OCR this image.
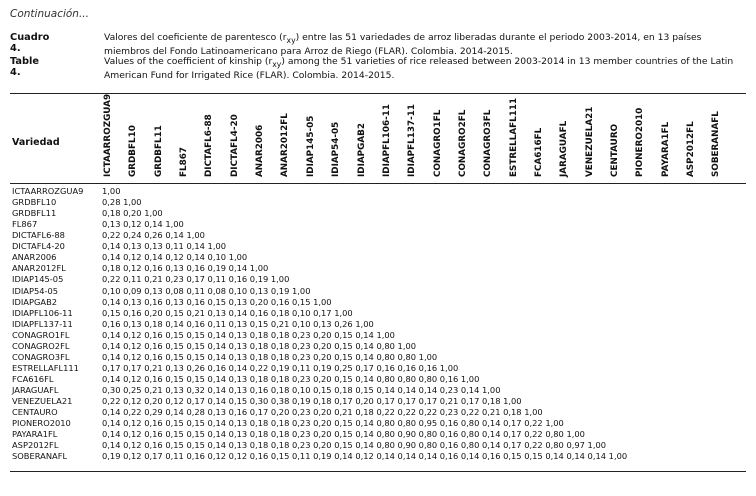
Continuación...
Cuadro 4.
Valores del coeficiente de parentesco $(r_{xy})$ entre las 51 variedades de arroz liberadas durante el periodo 2003-2014, en 13 países miembros del Fondo Latinoamericano para Arroz de Riego (FLAR). Colombia. 2014-2015.
Table 4.
Values of the coefficient of kinship $(r_{xy})$ among the 51 varieties of rice released between 2003-2014 in 13 member countries of the Latin American Fund for Irrigated Rice (FLAR). Colombia. 2014-2015.
Variedad	ICTAARROZGUA9 GRDBFL10 GRDBFL11 FL867 DICTAFL6-88 DICTAFL4-20 ANAR2006 ANAR2012FL IDIAP145-05 IDIAP54-05 IDIAPGAB2 IDIAPFL106-11 IDIAPFL137-11 CONAGRO1FL CONAGRO2FL CONAGRO3FL ESTRELLAFL111 FCA616FL JARAGUAFL VENEZUELA21 CENTAURO PIONERO2010 PAYARA1FL ASP2012FL SOBERANAFL
ICTAARROZGUA9 1,00
GRDBFL10	0,28 1,00
GRDBFL11	0,18 0,20 1,00
FL867	0,13 0,12 0,14 1,00
DICTAFL6-88	0,22 0,24 0,26 0,14 1,00
DICTAFL4-20	0,14 0,13 0,13 0,11 0,14 1,00
ANAR2006	0,14 0,12 0,14 0,12 0,14 0,10 1,00
ANAR2012FL	0,18 0,12 0,16 0,13 0,16 0,19 0,14 1,00
IDIAP145-05	0,22 0,11 0,21 0,23 0,17 0,11 0,16 0,19 1,00
IDIAP54-05	0,10 0,09 0,13 0,08 0,11 0,08 0,10 0,13 0,19 1,00
IDIAPGAB2	0,14 0,13 0,16 0,13 0,16 0,15 0,13 0,20 0,16 0,15 1,00
IDIAPFL106-11	0,15 0,16 0,20 0,15 0,21 0,13 0,14 0,16 0,18 0,10 0,17 1,00
IDIAPFL137-11	0,16 0,13 0,18 0,14 0,16 0,11 0,13 0,15 0,21 0,10 0,13 0,26 1,00
CONAGRO1FL	0,14 0,12 0,16 0,15 0,15 0,14 0,13 0,18 0,18 0,23 0,20 0,15 0,14 1,00
CONAGRO2FL	0,14 0,12 0,16 0,15 0,15 0,14 0,13 0,18 0,18 0,23 0,20 0,15 0,14 0,80 1,00
CONAGRO3FL	0,14 0,12 0,16 0,15 0,15 0,14 0,13 0,18 0,18 0,23 0,20 0,15 0,14 0,80 0,80 1,00
ESTRELLAFL111	0,17 0,17 0,21 0,13 0,26 0,16 0,14 0,22 0,19 0,11 0,19 0,25 0,17 0,16 0,16 0,16 1,00
FCA616FL	0,14 0,12 0,16 0,15 0,15 0,14 0,13 0,18 0,18 0,23 0,20 0,15 0,14 0,80 0,80 0,80 0,16 1,00
JARAGUAFL	0,30 0,25 0,21 0,13 0,32 0,14 0,13 0,16 0,18 0,10 0,15 0,18 0,15 0,14 0,14 0,14 0,23 0,14 1,00
VENEZUELA21	0,22 0,12 0,20 0,12 0,17 0,14 0,15 0,30 0,38 0,19 0,18 0,17 0,20 0,17 0,17 0,17 0,21 0,17 0,18 1,00
CENTAURO	0,14 0,22 0,29 0,14 0,28 0,13 0,16 0,17 0,20 0,23 0,20 0,21 0,18 0,22 0,22 0,22 0,23 0,22 0,21 0,18 1,00
PIONERO2010	0,14 0,12 0,16 0,15 0,15 0,14 0,13 0,18 0,18 0,23 0,20 0,15 0,14 0,80 0,80 0,95 0,16 0,80 0,14 0,17 0,22 1,00
PAYARA1FL	0,14 0,12 0,16 0,15 0,15 0,14 0,13 0,18 0,18 0,23 0,20 0,15 0,14 0,80 0,90 0,80 0,16 0,80 0,14 0,17 0,22 0,80 1,00
ASP2012FL	0,14 0,12 0,16 0,15 0,15 0,14 0,13 0,18 0,18 0,23 0,20 0,15 0,14 0,80 0,90 0,80 0,16 0,80 0,14 0,17 0,22 0,80 0,97 1,00
SOBERANAFL	0,19 0,12 0,17 0,11 0,16 0,12 0,12 0,16 0,15 0,11 0,19 0,14 0,12 0,14 0,14 0,14 0,16 0,14 0,16 0,15 0,15 0,14 0,14 0,14 1,00
